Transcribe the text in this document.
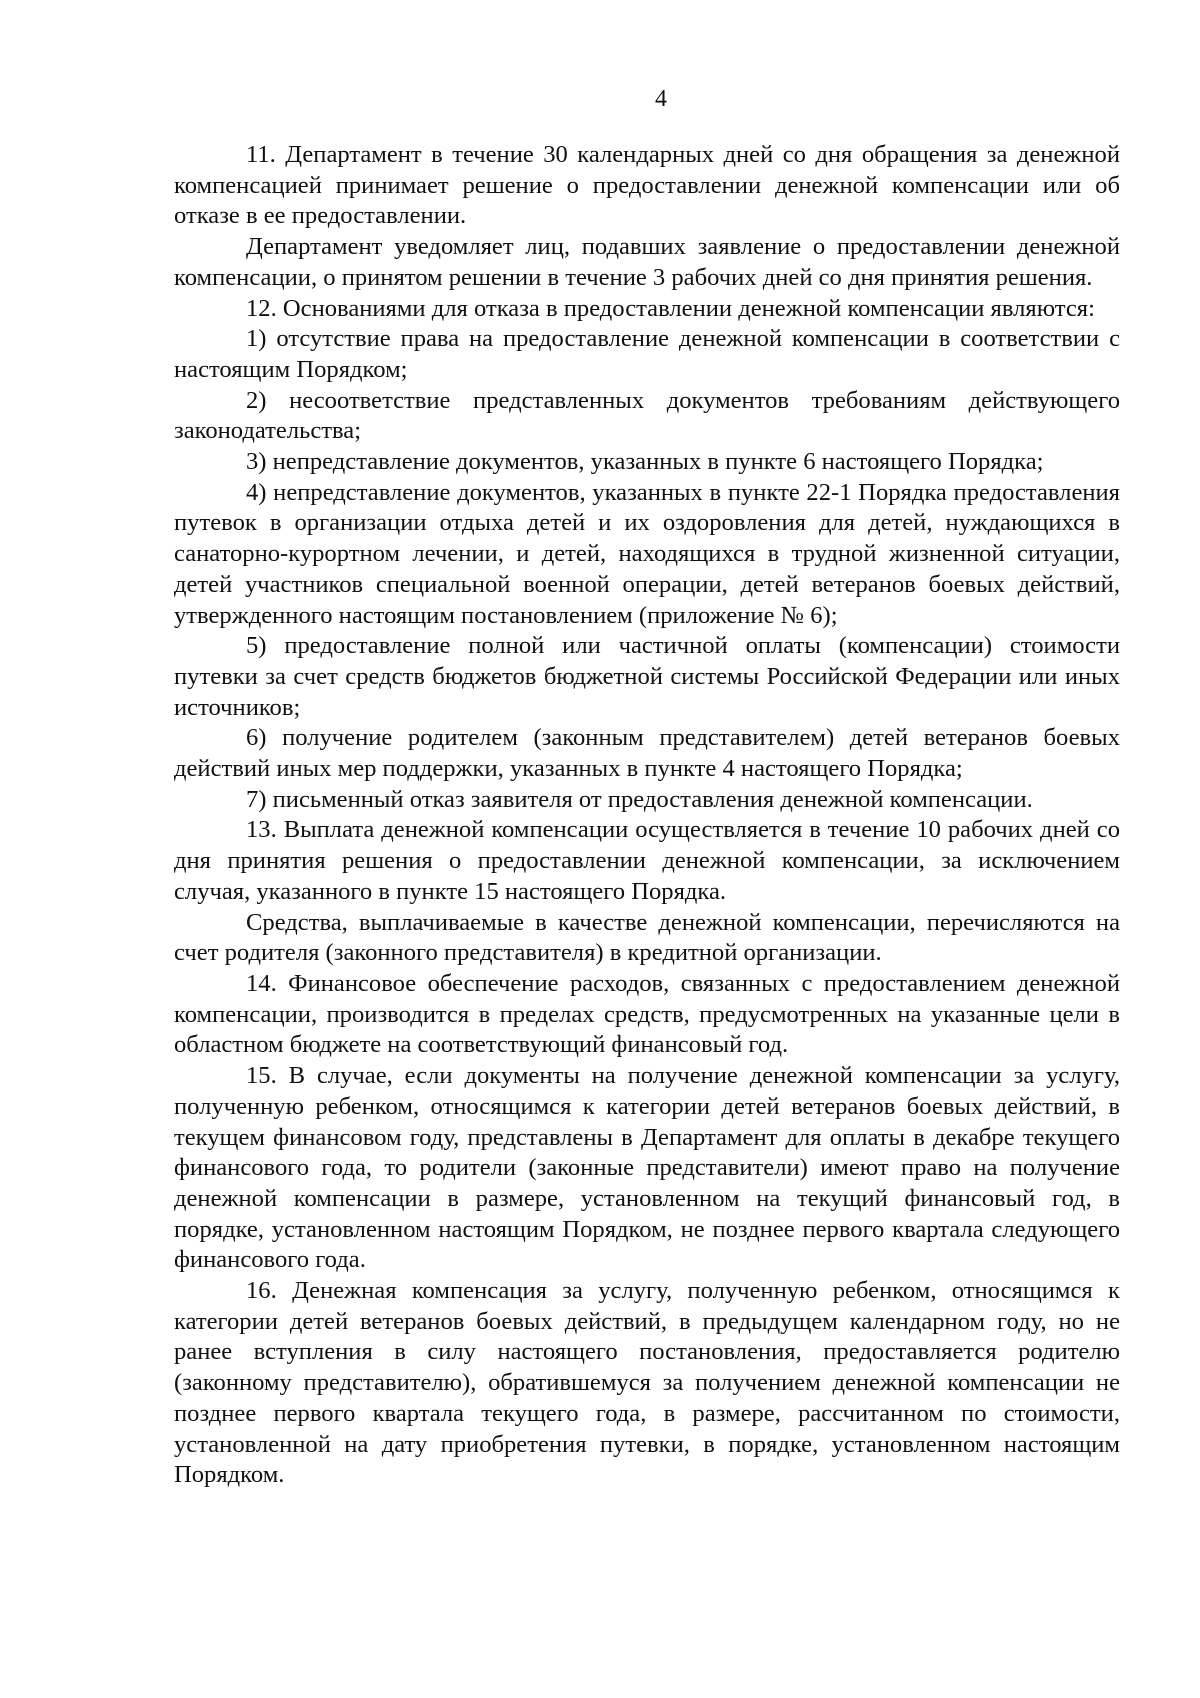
4

11. Департамент в течение 30 календарных дней со дня обращения за денежной компенсацией принимает решение о предоставлении денежной компенсации или об отказе в ее предоставлении.

Департамент уведомляет лиц, подавших заявление о предоставлении денежной компенсации, о принятом решении в течение 3 рабочих дней со дня принятия решения.

12. Основаниями для отказа в предоставлении денежной компенсации являются:

1) отсутствие права на предоставление денежной компенсации в соответствии с настоящим Порядком;

2) несоответствие представленных документов требованиям действующего законодательства;

3) непредставление документов, указанных в пункте 6 настоящего Порядка;

4) непредставление документов, указанных в пункте 22-1 Порядка предоставления путевок в организации отдыха детей и их оздоровления для детей, нуждающихся в санаторно-курортном лечении, и детей, находящихся в трудной жизненной ситуации, детей участников специальной военной операции, детей ветеранов боевых действий, утвержденного настоящим постановлением (приложение № 6);

5) предоставление полной или частичной оплаты (компенсации) стоимости путевки за счет средств бюджетов бюджетной системы Российской Федерации или иных источников;

6) получение родителем (законным представителем) детей ветеранов боевых действий иных мер поддержки, указанных в пункте 4 настоящего Порядка;

7) письменный отказ заявителя от предоставления денежной компенсации.

13. Выплата денежной компенсации осуществляется в течение 10 рабочих дней со дня принятия решения о предоставлении денежной компенсации, за исключением случая, указанного в пункте 15 настоящего Порядка.

Средства, выплачиваемые в качестве денежной компенсации, перечисляются на счет родителя (законного представителя) в кредитной организации.

14. Финансовое обеспечение расходов, связанных с предоставлением денежной компенсации, производится в пределах средств, предусмотренных на указанные цели в областном бюджете на соответствующий финансовый год.

15. В случае, если документы на получение денежной компенсации за услугу, полученную ребенком, относящимся к категории детей ветеранов боевых действий, в текущем финансовом году, представлены в Департамент для оплаты в декабре текущего финансового года, то родители (законные представители) имеют право на получение денежной компенсации в размере, установленном на текущий финансовый год, в порядке, установленном настоящим Порядком, не позднее первого квартала следующего финансового года.

16. Денежная компенсация за услугу, полученную ребенком, относящимся к категории детей ветеранов боевых действий, в предыдущем календарном году, но не ранее вступления в силу настоящего постановления, предоставляется родителю (законному представителю), обратившемуся за получением денежной компенсации не позднее первого квартала текущего года, в размере, рассчитанном по стоимости, установленной на дату приобретения путевки, в порядке, установленном настоящим Порядком.
